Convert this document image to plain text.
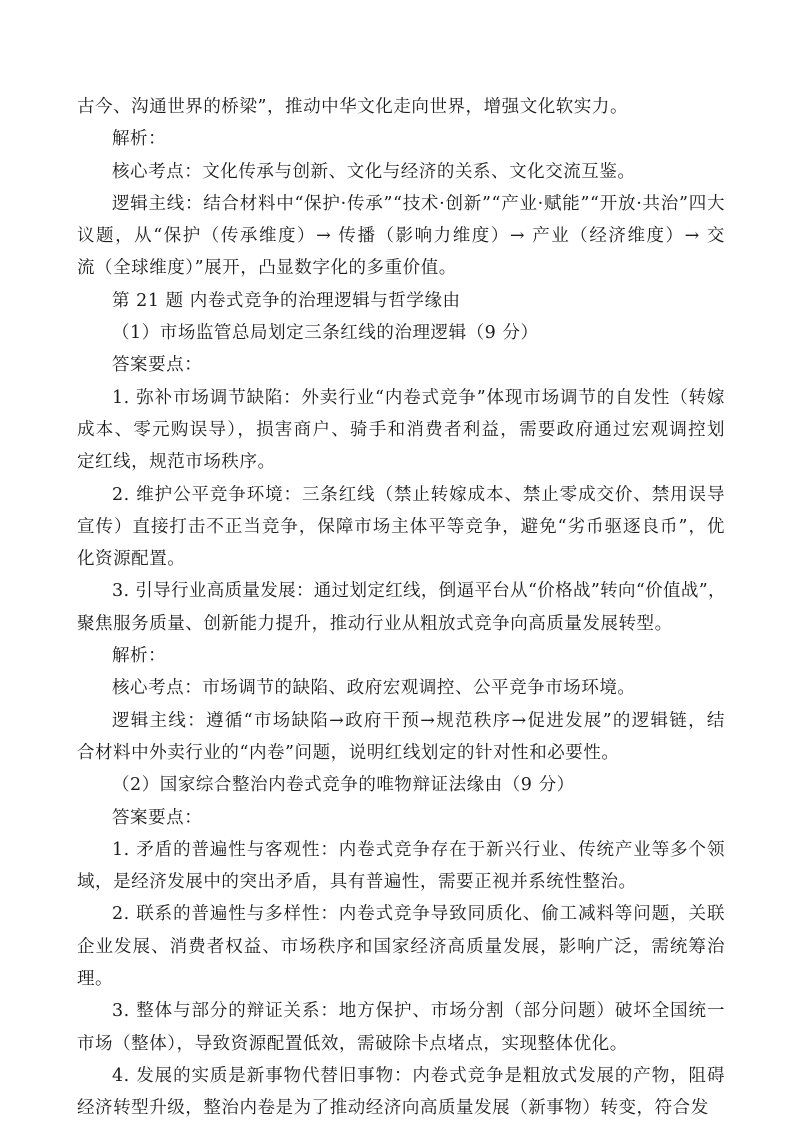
古今、沟通世界的桥梁”，推动中华文化走向世界，增强文化软实力。
解析：
核心考点：文化传承与创新、文化与经济的关系、文化交流互鉴。
逻辑主线：结合材料中“保护·传承”“技术·创新”“产业·赋能”“开放·共治”四大
议题，从“保护（传承维度）→ 传播（影响力维度）→ 产业（经济维度）→ 交
流（全球维度）”展开，凸显数字化的多重价值。
第 21 题 内卷式竞争的治理逻辑与哲学缘由
（1）市场监管总局划定三条红线的治理逻辑（9 分）
答案要点：
1. 弥补市场调节缺陷：外卖行业“内卷式竞争”体现市场调节的自发性（转嫁
成本、零元购误导），损害商户、骑手和消费者利益，需要政府通过宏观调控划
定红线，规范市场秩序。
2. 维护公平竞争环境：三条红线（禁止转嫁成本、禁止零成交价、禁用误导
宣传）直接打击不正当竞争，保障市场主体平等竞争，避免“劣币驱逐良币”，优
化资源配置。
3. 引导行业高质量发展：通过划定红线，倒逼平台从“价格战”转向“价值战”，
聚焦服务质量、创新能力提升，推动行业从粗放式竞争向高质量发展转型。
解析：
核心考点：市场调节的缺陷、政府宏观调控、公平竞争市场环境。
逻辑主线：遵循“市场缺陷→政府干预→规范秩序→促进发展”的逻辑链，结
合材料中外卖行业的“内卷”问题，说明红线划定的针对性和必要性。
（2）国家综合整治内卷式竞争的唯物辩证法缘由（9 分）
答案要点：
1. 矛盾的普遍性与客观性：内卷式竞争存在于新兴行业、传统产业等多个领
域，是经济发展中的突出矛盾，具有普遍性，需要正视并系统性整治。
2. 联系的普遍性与多样性：内卷式竞争导致同质化、偷工减料等问题，关联
企业发展、消费者权益、市场秩序和国家经济高质量发展，影响广泛，需统筹治
理。
3. 整体与部分的辩证关系：地方保护、市场分割（部分问题）破坏全国统一
市场（整体），导致资源配置低效，需破除卡点堵点，实现整体优化。
4. 发展的实质是新事物代替旧事物：内卷式竞争是粗放式发展的产物，阻碍
经济转型升级，整治内卷是为了推动经济向高质量发展（新事物）转变，符合发
